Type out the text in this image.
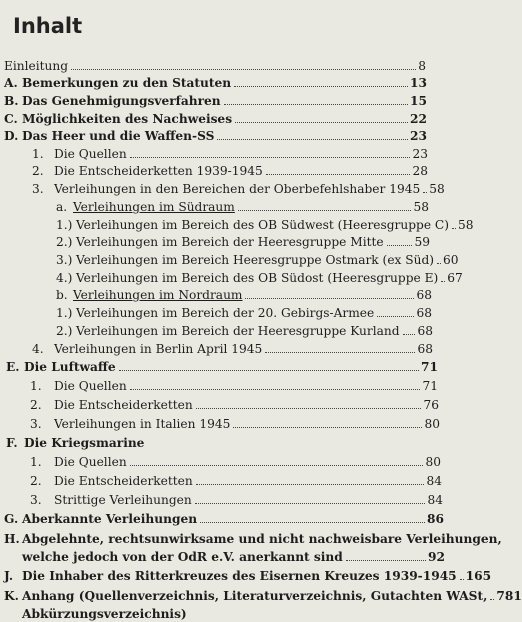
Inhalt
Einleitung	8
A. Bemerkungen zu den Statuten	13
B. Das Genehmigungsverfahren	15
C. Möglichkeiten des Nachweises	22
D. Das Heer und die Waffen-SS	23
1. Die Quellen	23
2. Die Entscheiderketten 1939-1945	28
3. Verleihungen in den Bereichen der Oberbefehlshaber 1945 58
a. Verleihungen im Südraum	58
1.) Verleihungen im Bereich des OB Südwest (Heeresgruppe C) 58
2.) Verleihungen im Bereich der Heeresgruppe Mitte	59
3.) Verleihungen im Bereich Heeresgruppe Ostmark (ex Süd) 60
4.) Verleihungen im Bereich des OB Südost (Heeresgruppe E) 67
b. Verleihungen im Nordraum	68
1.) Verleihungen im Bereich der 20. Gebirgs-Armee	68
2.) Verleihungen im Bereich der Heeresgruppe Kurland 68
4. Verleihungen in Berlin April 1945	68
E. Die Luftwaffe	71
1.	Die Quellen	71
2.	Die Entscheiderketten	76
3.	Verleihungen in Italien 1945	80
F. Die Kriegsmarine
1.	Die Quellen	80
2.	Die Entscheiderketten	84
3.	Strittige Verleihungen	84
G. Aberkannte Verleihungen	86
H. Abgelehnte, rechtsunwirksame und nicht nachweisbare Verleihungen,
welche jedoch von der OdR e.V. anerkannt sind	92
J. Die Inhaber des Ritterkreuzes des Eisernen Kreuzes 1939-1945 165
K. Anhang (Quellenverzeichnis, Literaturverzeichnis, Gutachten WASt, 781
Abkürzungsverzeichnis)
